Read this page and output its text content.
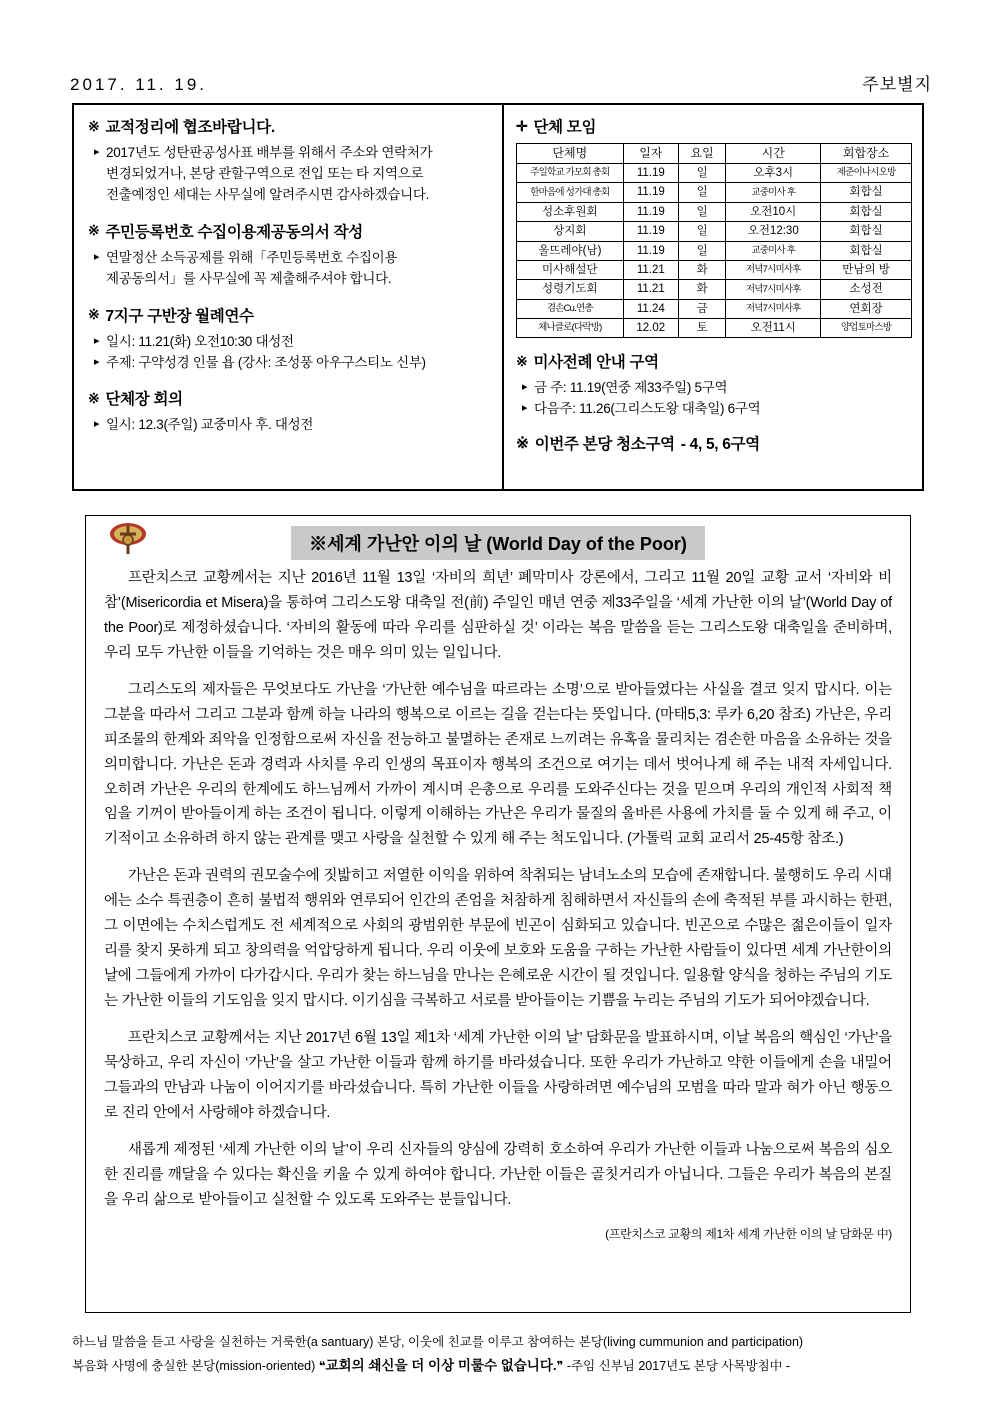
2017. 11. 19.	주보별지
※ 교적정리에 협조바랍니다.
▸ 2017년도 성탄판공성사표 배부를 위해서 주소와 연락처가
변경되었거나, 본당 관할구역으로 전입 또는 타 지역으로
전출예정인 세대는 사무실에 알려주시면 감사하겠습니다.
※ 주민등록번호 수집이용제공동의서 작성
▸ 연말정산 소득공제를 위해「주민등록번호 수집이용
제공동의서」를 사무실에 꼭 제출해주셔야 합니다.
※ 7지구 구반장 월례연수
▸ 일시: 11.21(화) 오전10:30 대성전
▸ 주제: 구약성경 인물 욥 (강사: 조성풍 아우구스티노 신부)
※ 단체장 회의
▸ 일시: 12.3(주일) 교중미사 후. 대성전
✛ 단체 모임
단체명	일자	요일	시간	회합장소
주일학교 가모회 총회	11.19	일	오후3시	제준이나시오방
한마음에 성가대 총회	11.19	일	교중미사 후	회합실
성소후원회	11.19	일	오전10시	회합실
상지회	11.19	일	오전12:30	회합실
울뜨레야(남)	11.19	일	교중미사 후	회합실
미사해설단	11.21	화	저녁7시미사후	만남의 방
성령기도회	11.21	화	저녁7시미사후	소성전
겸손Cu.연총	11.24	금	저녁7시미사후	연회장
체나클로(다락방)	12.02	토	오전11시	양업토마스방
※ 미사전례 안내 구역
▸ 금 주: 11.19(연중 제33주일) 5구역
▸ 다음주: 11.26(그리스도왕 대축일) 6구역
※ 이번주 본당 청소구역 - 4, 5, 6구역
※세계 가난안 이의 날 (World Day of the Poor)

프란치스코 교황께서는 지난 2016년 11월 13일 ‘자비의 희년’ 폐막미사 강론에서, 그리고 11월 20일 교황 교서 ‘자비와 비참’(Misericordia et Misera)을 통하여 그리스도왕 대축일 전(前) 주일인 매년 연중 제33주일을 ‘세계 가난한 이의 날’(World Day of the Poor)로 제정하셨습니다. ‘자비의 활동에 따라 우리를 심판하실 것’ 이라는 복음 말씀을 듣는 그리스도왕 대축일을 준비하며, 우리 모두 가난한 이들을 기억하는 것은 매우 의미 있는 일입니다.

그리스도의 제자들은 무엇보다도 가난을 ‘가난한 예수님을 따르라는 소명’으로 받아들였다는 사실을 결코 잊지 맙시다. 이는 그분을 따라서 그리고 그분과 함께 하늘 나라의 행복으로 이르는 길을 걷는다는 뜻입니다. (마태5,3: 루카 6,20 참조) 가난은, 우리 피조물의 한계와 죄악을 인정함으로써 자신을 전능하고 불멸하는 존재로 느끼려는 유혹을 물리치는 겸손한 마음을 소유하는 것을 의미합니다. 가난은 돈과 경력과 사치를 우리 인생의 목표이자 행복의 조건으로 여기는 데서 벗어나게 해 주는 내적 자세입니다. 오히려 가난은 우리의 한계에도 하느님께서 가까이 계시며 은총으로 우리를 도와주신다는 것을 믿으며 우리의 개인적 사회적 책임을 기꺼이 받아들이게 하는 조건이 됩니다. 이렇게 이해하는 가난은 우리가 물질의 올바른 사용에 가치를 둘 수 있게 해 주고, 이기적이고 소유하려 하지 않는 관계를 맺고 사랑을 실천할 수 있게 해 주는 척도입니다. (가톨릭 교회 교리서 25-45항 참조.)

가난은 돈과 권력의 권모술수에 짓밟히고 저열한 이익을 위하여 착취되는 남녀노소의 모습에 존재합니다. 불행히도 우리 시대에는 소수 특권층이 흔히 불법적 행위와 연루되어 인간의 존엄을 처참하게 침해하면서 자신들의 손에 축적된 부를 과시하는 한편, 그 이면에는 수치스럽게도 전 세계적으로 사회의 광범위한 부문에 빈곤이 심화되고 있습니다. 빈곤으로 수많은 젊은이들이 일자리를 찾지 못하게 되고 창의력을 억압당하게 됩니다. 우리 이웃에 보호와 도움을 구하는 가난한 사람들이 있다면 세계 가난한이의 날에 그들에게 가까이 다가갑시다. 우리가 찾는 하느님을 만나는 은혜로운 시간이 될 것입니다. 일용할 양식을 청하는 주님의 기도는 가난한 이들의 기도임을 잊지 맙시다. 이기심을 극복하고 서로를 받아들이는 기쁨을 누리는 주님의 기도가 되어야겠습니다.

프란치스코 교황께서는 지난 2017년 6월 13일 제1차 ‘세계 가난한 이의 날’ 담화문을 발표하시며, 이날 복음의 핵심인 ‘가난’을 묵상하고, 우리 자신이 ‘가난’을 살고 가난한 이들과 함께 하기를 바라셨습니다. 또한 우리가 가난하고 약한 이들에게 손을 내밀어 그들과의 만남과 나눔이 이어지기를 바라셨습니다. 특히 가난한 이들을 사랑하려면 예수님의 모범을 따라 말과 혀가 아닌 행동으로 진리 안에서 사랑해야 하겠습니다.

새롭게 제정된 ‘세계 가난한 이의 날’이 우리 신자들의 양심에 강력히 호소하여 우리가 가난한 이들과 나눔으로써 복음의 심오한 진리를 깨달을 수 있다는 확신을 키울 수 있게 하여야 합니다. 가난한 이들은 골칫거리가 아닙니다. 그들은 우리가 복음의 본질을 우리 삶으로 받아들이고 실천할 수 있도록 도와주는 분들입니다.

(프란치스코 교황의 제1차 세계 가난한 이의 날 담화문 中)
하느님 말씀을 듣고 사랑을 실천하는 거룩한(a santuary) 본당, 이웃에 친교를 이루고 참여하는 본당(living cummunion and participation)
복음화 사명에 충실한 본당(mission-oriented) ❝교회의 쇄신을 더 이상 미룰수 없습니다.❞ -주임 신부님 2017년도 본당 사목방침中 -
